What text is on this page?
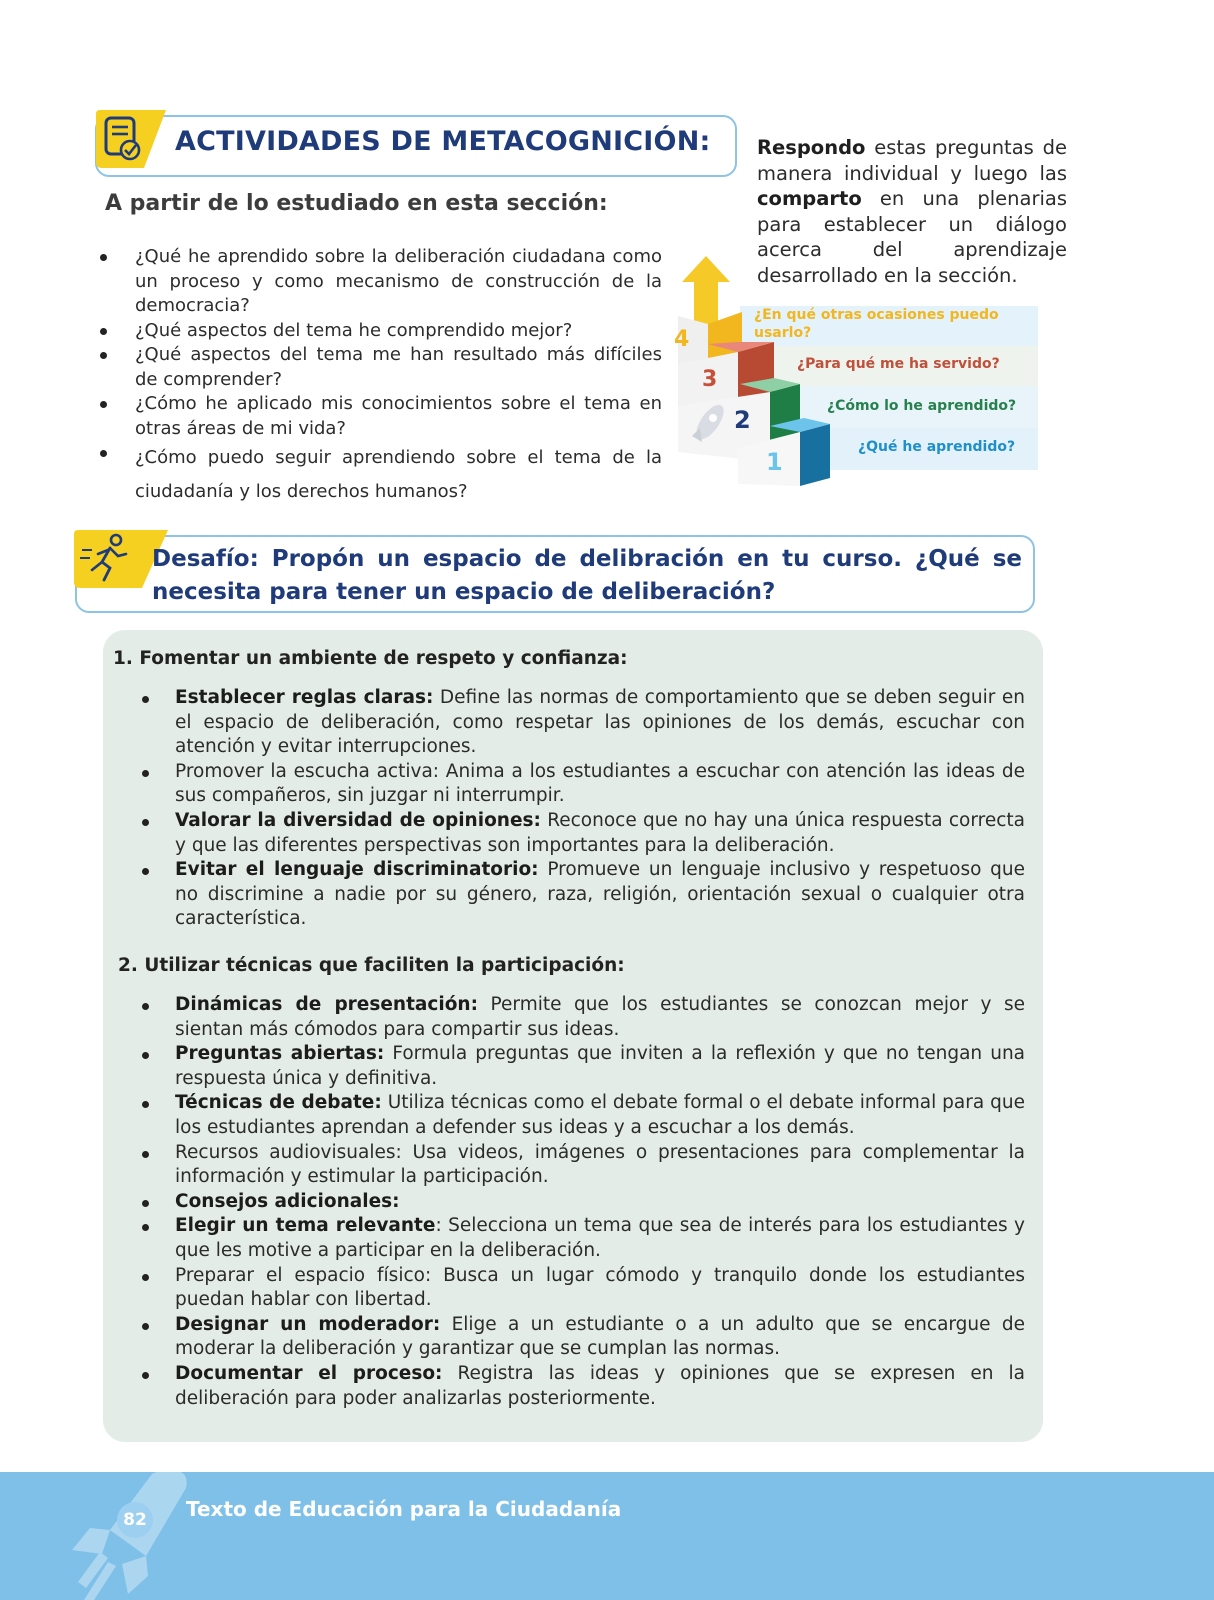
ACTIVIDADES DE METACOGNICIÓN:
A partir de lo estudiado en esta sección:
¿Qué he aprendido sobre la deliberación ciudadana como un proceso y como mecanismo de construcción de la democracia?
¿Qué aspectos del tema he comprendido mejor?
¿Qué aspectos del tema me han resultado más difíciles de comprender?
¿Cómo he aplicado mis conocimientos sobre el tema en otras áreas de mi vida?
¿Cómo puedo seguir aprendiendo sobre el tema de la ciudadanía y los derechos humanos?
Respondo estas preguntas de manera individual y luego las comparto en una plenarias para establecer un diálogo acerca del aprendizaje desarrollado en la sección.
4
3
2
1
¿En qué otras ocasiones puedo
usarlo?
¿Para qué me ha servido?
¿Cómo lo he aprendido?
¿Qué he aprendido?
Desafío: Propón un espacio de delibración en tu curso. ¿Qué se necesita para tener un espacio de deliberación?
1. Fomentar un ambiente de respeto y confianza:
Establecer reglas claras: Define las normas de comportamiento que se deben seguir en el espacio de deliberación, como respetar las opiniones de los demás, escuchar con atención y evitar interrupciones.
Promover la escucha activa: Anima a los estudiantes a escuchar con atención las ideas de sus compañeros, sin juzgar ni interrumpir.
Valorar la diversidad de opiniones: Reconoce que no hay una única respuesta correcta y que las diferentes perspectivas son importantes para la deliberación.
Evitar el lenguaje discriminatorio: Promueve un lenguaje inclusivo y respetuoso que no discrimine a nadie por su género, raza, religión, orientación sexual o cualquier otra característica.
2. Utilizar técnicas que faciliten la participación:
Dinámicas de presentación: Permite que los estudiantes se conozcan mejor y se sientan más cómodos para compartir sus ideas.
Preguntas abiertas: Formula preguntas que inviten a la reflexión y que no tengan una respuesta única y definitiva.
Técnicas de debate: Utiliza técnicas como el debate formal o el debate informal para que los estudiantes aprendan a defender sus ideas y a escuchar a los demás.
Recursos audiovisuales: Usa videos, imágenes o presentaciones para complementar la información y estimular la participación.
Consejos adicionales:
Elegir un tema relevante: Selecciona un tema que sea de interés para los estudiantes y que les motive a participar en la deliberación.
Preparar el espacio físico: Busca un lugar cómodo y tranquilo donde los estudiantes puedan hablar con libertad.
Designar un moderador: Elige a un estudiante o a un adulto que se encargue de moderar la deliberación y garantizar que se cumplan las normas.
Documentar el proceso: Registra las ideas y opiniones que se expresen en la deliberación para poder analizarlas posteriormente.
82	Texto de Educación para la Ciudadanía
